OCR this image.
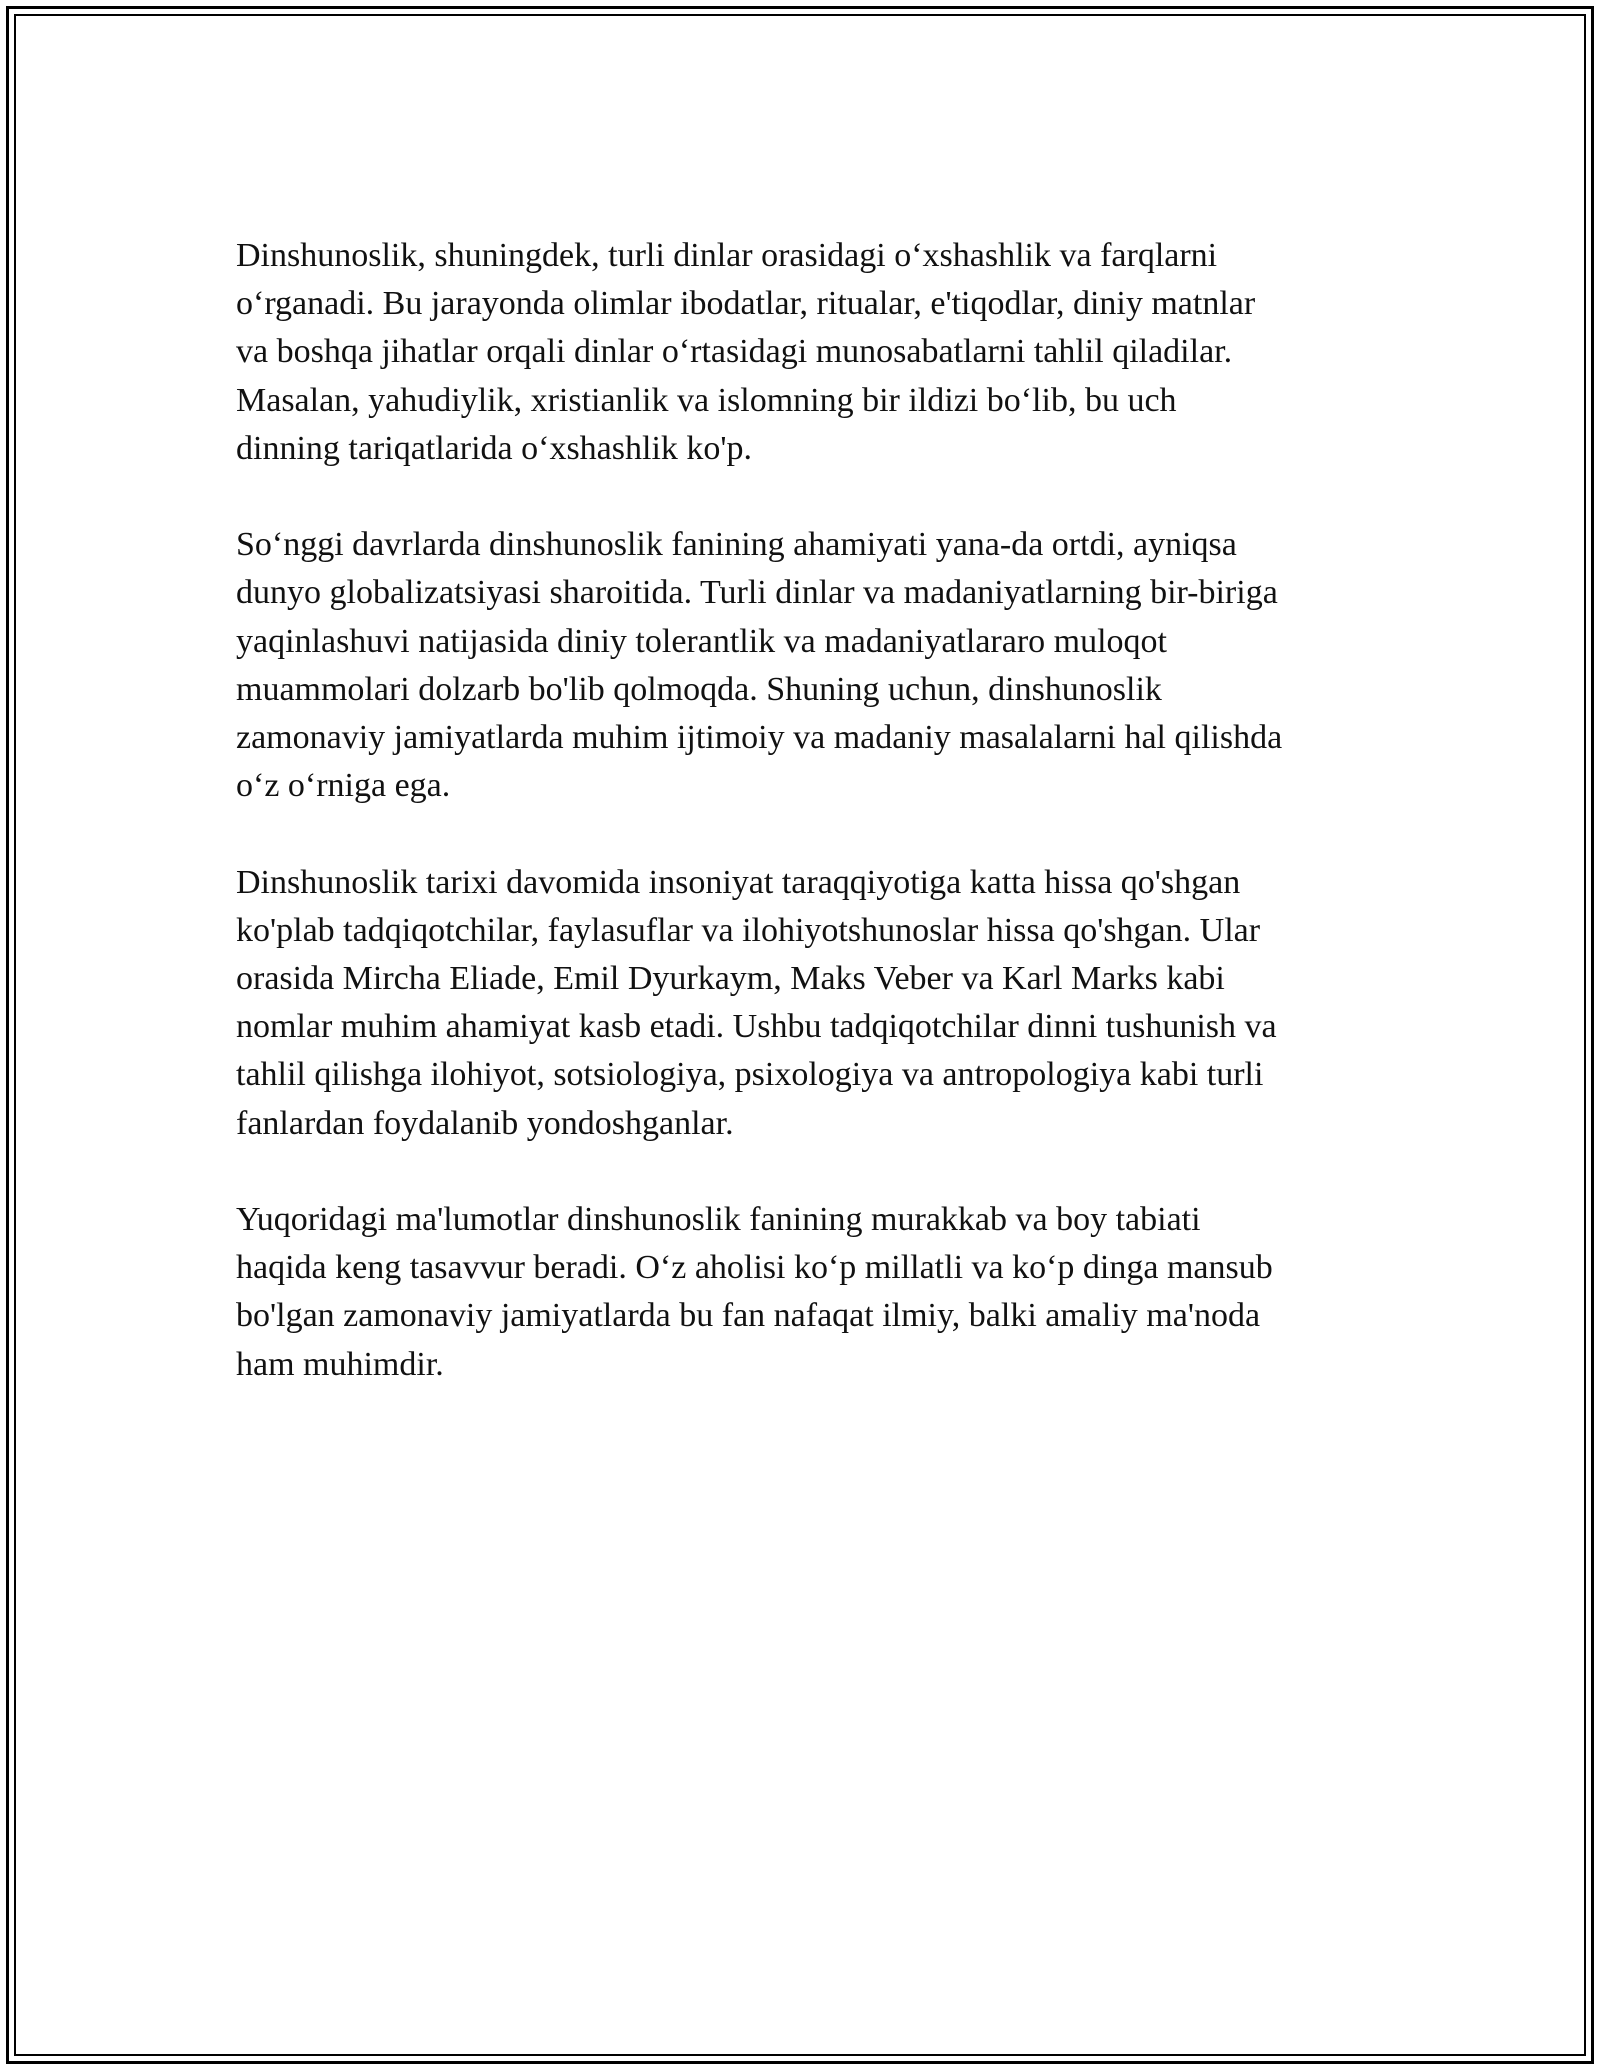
Dinshunoslik, shuningdek, turli dinlar orasidagi o‘xshashlik va farqlarni
o‘rganadi. Bu jarayonda olimlar ibodatlar, ritualar, e'tiqodlar, diniy matnlar
va boshqa jihatlar orqali dinlar o‘rtasidagi munosabatlarni tahlil qiladilar.
Masalan, yahudiylik, xristianlik va islomning bir ildizi bo‘lib, bu uch
dinning tariqatlarida o‘xshashlik ko'p.

So‘nggi davrlarda dinshunoslik fanining ahamiyati yana-da ortdi, ayniqsa
dunyo globalizatsiyasi sharoitida. Turli dinlar va madaniyatlarning bir-biriga
yaqinlashuvi natijasida diniy tolerantlik va madaniyatlararo muloqot
muammolari dolzarb bo'lib qolmoqda. Shuning uchun, dinshunoslik
zamonaviy jamiyatlarda muhim ijtimoiy va madaniy masalalarni hal qilishda
o‘z o‘rniga ega.

Dinshunoslik tarixi davomida insoniyat taraqqiyotiga katta hissa qo'shgan
ko'plab tadqiqotchilar, faylasuflar va ilohiyotshunoslar hissa qo'shgan. Ular
orasida Mircha Eliade, Emil Dyurkaym, Maks Veber va Karl Marks kabi
nomlar muhim ahamiyat kasb etadi. Ushbu tadqiqotchilar dinni tushunish va
tahlil qilishga ilohiyot, sotsiologiya, psixologiya va antropologiya kabi turli
fanlardan foydalanib yondoshganlar.

Yuqoridagi ma'lumotlar dinshunoslik fanining murakkab va boy tabiati
haqida keng tasavvur beradi. O‘z aholisi ko‘p millatli va ko‘p dinga mansub
bo'lgan zamonaviy jamiyatlarda bu fan nafaqat ilmiy, balki amaliy ma'noda
ham muhimdir.
